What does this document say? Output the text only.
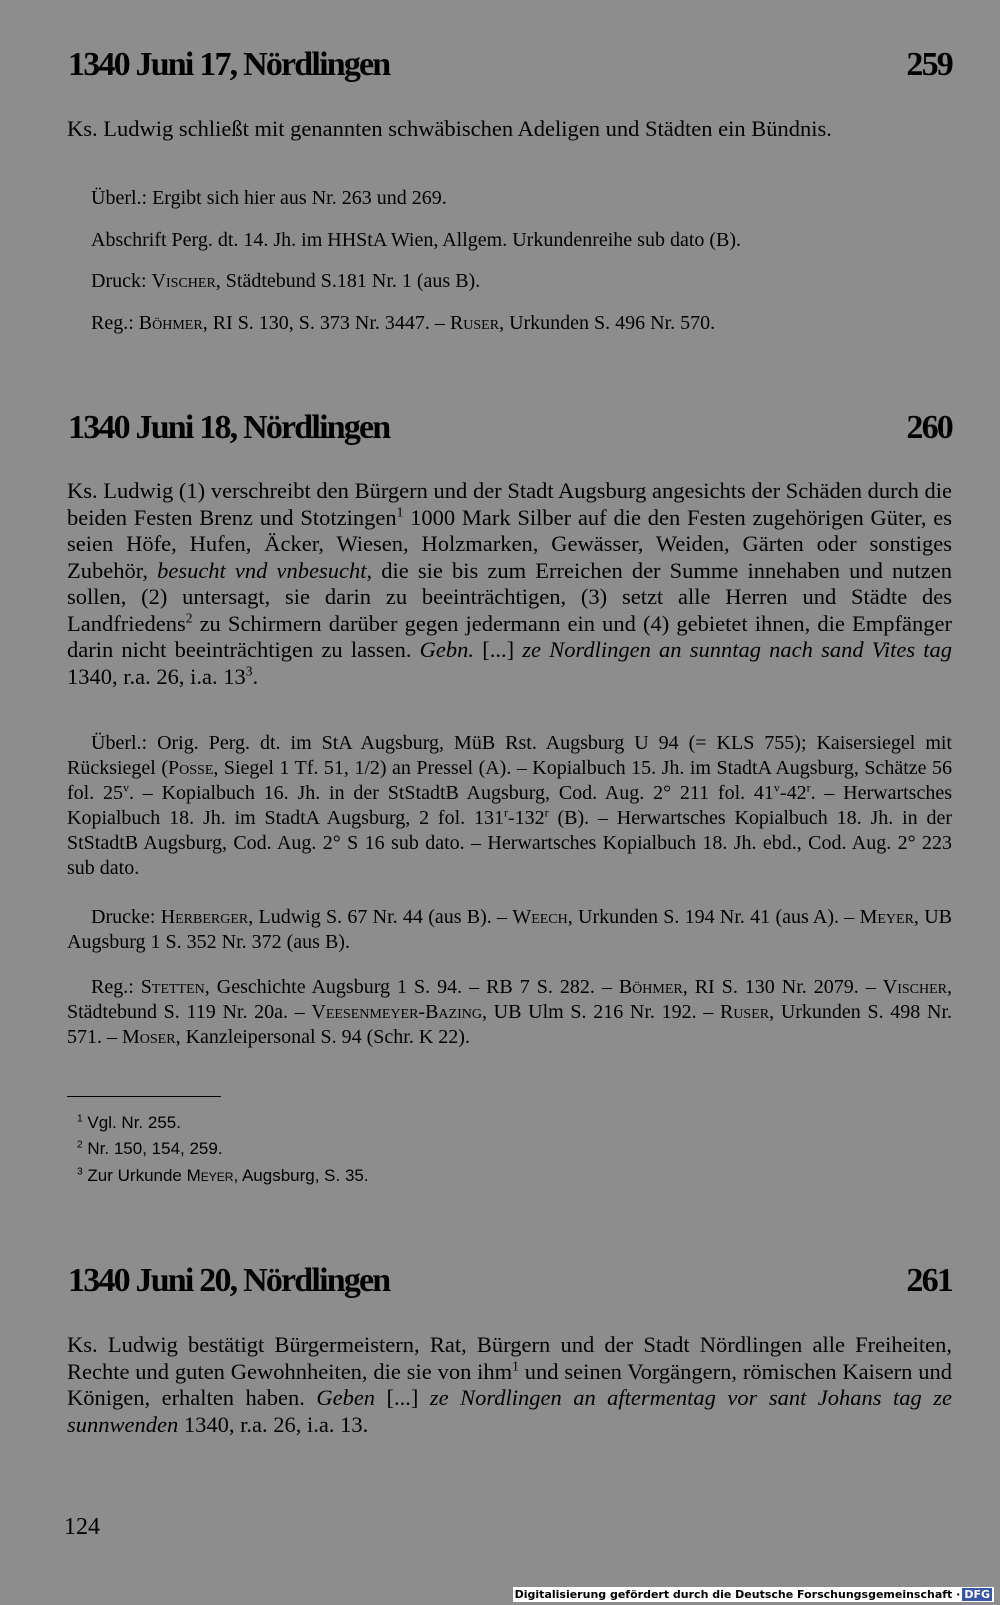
1340 Juni 17, Nördlingen	259
Ks. Ludwig schließt mit genannten schwäbischen Adeligen und Städten ein Bündnis.
Überl.: Ergibt sich hier aus Nr. 263 und 269.
Abschrift Perg. dt. 14. Jh. im HHStA Wien, Allgem. Urkundenreihe sub dato (B).
Druck: Vischer, Städtebund S.181 Nr. 1 (aus B).
Reg.: Böhmer, RI S. 130, S. 373 Nr. 3447. – Ruser, Urkunden S. 496 Nr. 570.
1340 Juni 18, Nördlingen	260
Ks. Ludwig (1) verschreibt den Bürgern und der Stadt Augsburg angesichts der Schäden durch die beiden Festen Brenz und Stotzingen$^1$ 1000 Mark Silber auf die den Festen zugehörigen Güter, es seien Höfe, Hufen, Äcker, Wiesen, Holzmarken, Gewässer, Weiden, Gärten oder sonstiges Zubehör, besucht vnd vnbesucht, die sie bis zum Erreichen der Summe innehaben und nutzen sollen, (2) untersagt, sie darin zu beeinträchtigen, (3) setzt alle Herren und Städte des Landfriedens$^2$ zu Schirmern darüber gegen jedermann ein und (4) gebietet ihnen, die Empfänger darin nicht beeinträchtigen zu lassen. Gebn. [...] ze Nordlingen an sunntag nach sand Vites tag 1340, r.a. 26, i.a. $13^3$.
Überl.: Orig. Perg. dt. im StA Augsburg, MüB Rst. Augsburg U 94 (= KLS 755); Kaisersiegel mit Rücksiegel (Posse, Siegel 1 Tf. 51, 1/2) an Pressel (A). – Kopialbuch 15. Jh. im StadtA Augsburg, Schätze 56 fol. 25$^v$. – Kopialbuch 16. Jh. in der StStadtB Augsburg, Cod. Aug. 2° 211 fol. 41$^v$-42$^r$. – Herwartsches Kopialbuch 18. Jh. im StadtA Augsburg, 2 fol. 131$^r$-132$^r$ (B). – Herwartsches Kopialbuch 18. Jh. in der StStadtB Augsburg, Cod. Aug. 2° S 16 sub dato. – Herwartsches Kopialbuch 18. Jh. ebd., Cod. Aug. 2° 223 sub dato.
Drucke: Herberger, Ludwig S. 67 Nr. 44 (aus B). – Weech, Urkunden S. 194 Nr. 41 (aus A). – Meyer, UB Augsburg 1 S. 352 Nr. 372 (aus B).
Reg.: Stetten, Geschichte Augsburg 1 S. 94. – RB 7 S. 282. – Böhmer, RI S. 130 Nr. 2079. – Vischer, Städtebund S. 119 Nr. 20a. – Veesenmeyer-Bazing, UB Ulm S. 216 Nr. 192. – Ruser, Urkunden S. 498 Nr. 571. – Moser, Kanzleipersonal S. 94 (Schr. K 22).
$^1$ Vgl. Nr. 255.
$^2$ Nr. 150, 154, 259.
$^3$ Zur Urkunde Meyer, Augsburg, S. 35.
1340 Juni 20, Nördlingen	261
Ks. Ludwig bestätigt Bürgermeistern, Rat, Bürgern und der Stadt Nördlingen alle Freiheiten, Rechte und guten Gewohnheiten, die sie von ihm$^1$ und seinen Vorgängern, römischen Kaisern und Königen, erhalten haben. Geben [...] ze Nordlingen an aftermentag vor sant Johans tag ze sunnwenden 1340, r.a. 26, i.a. 13.
124
Digitalisierung gefördert durch die Deutsche Forschungsgemeinschaft · DFG
